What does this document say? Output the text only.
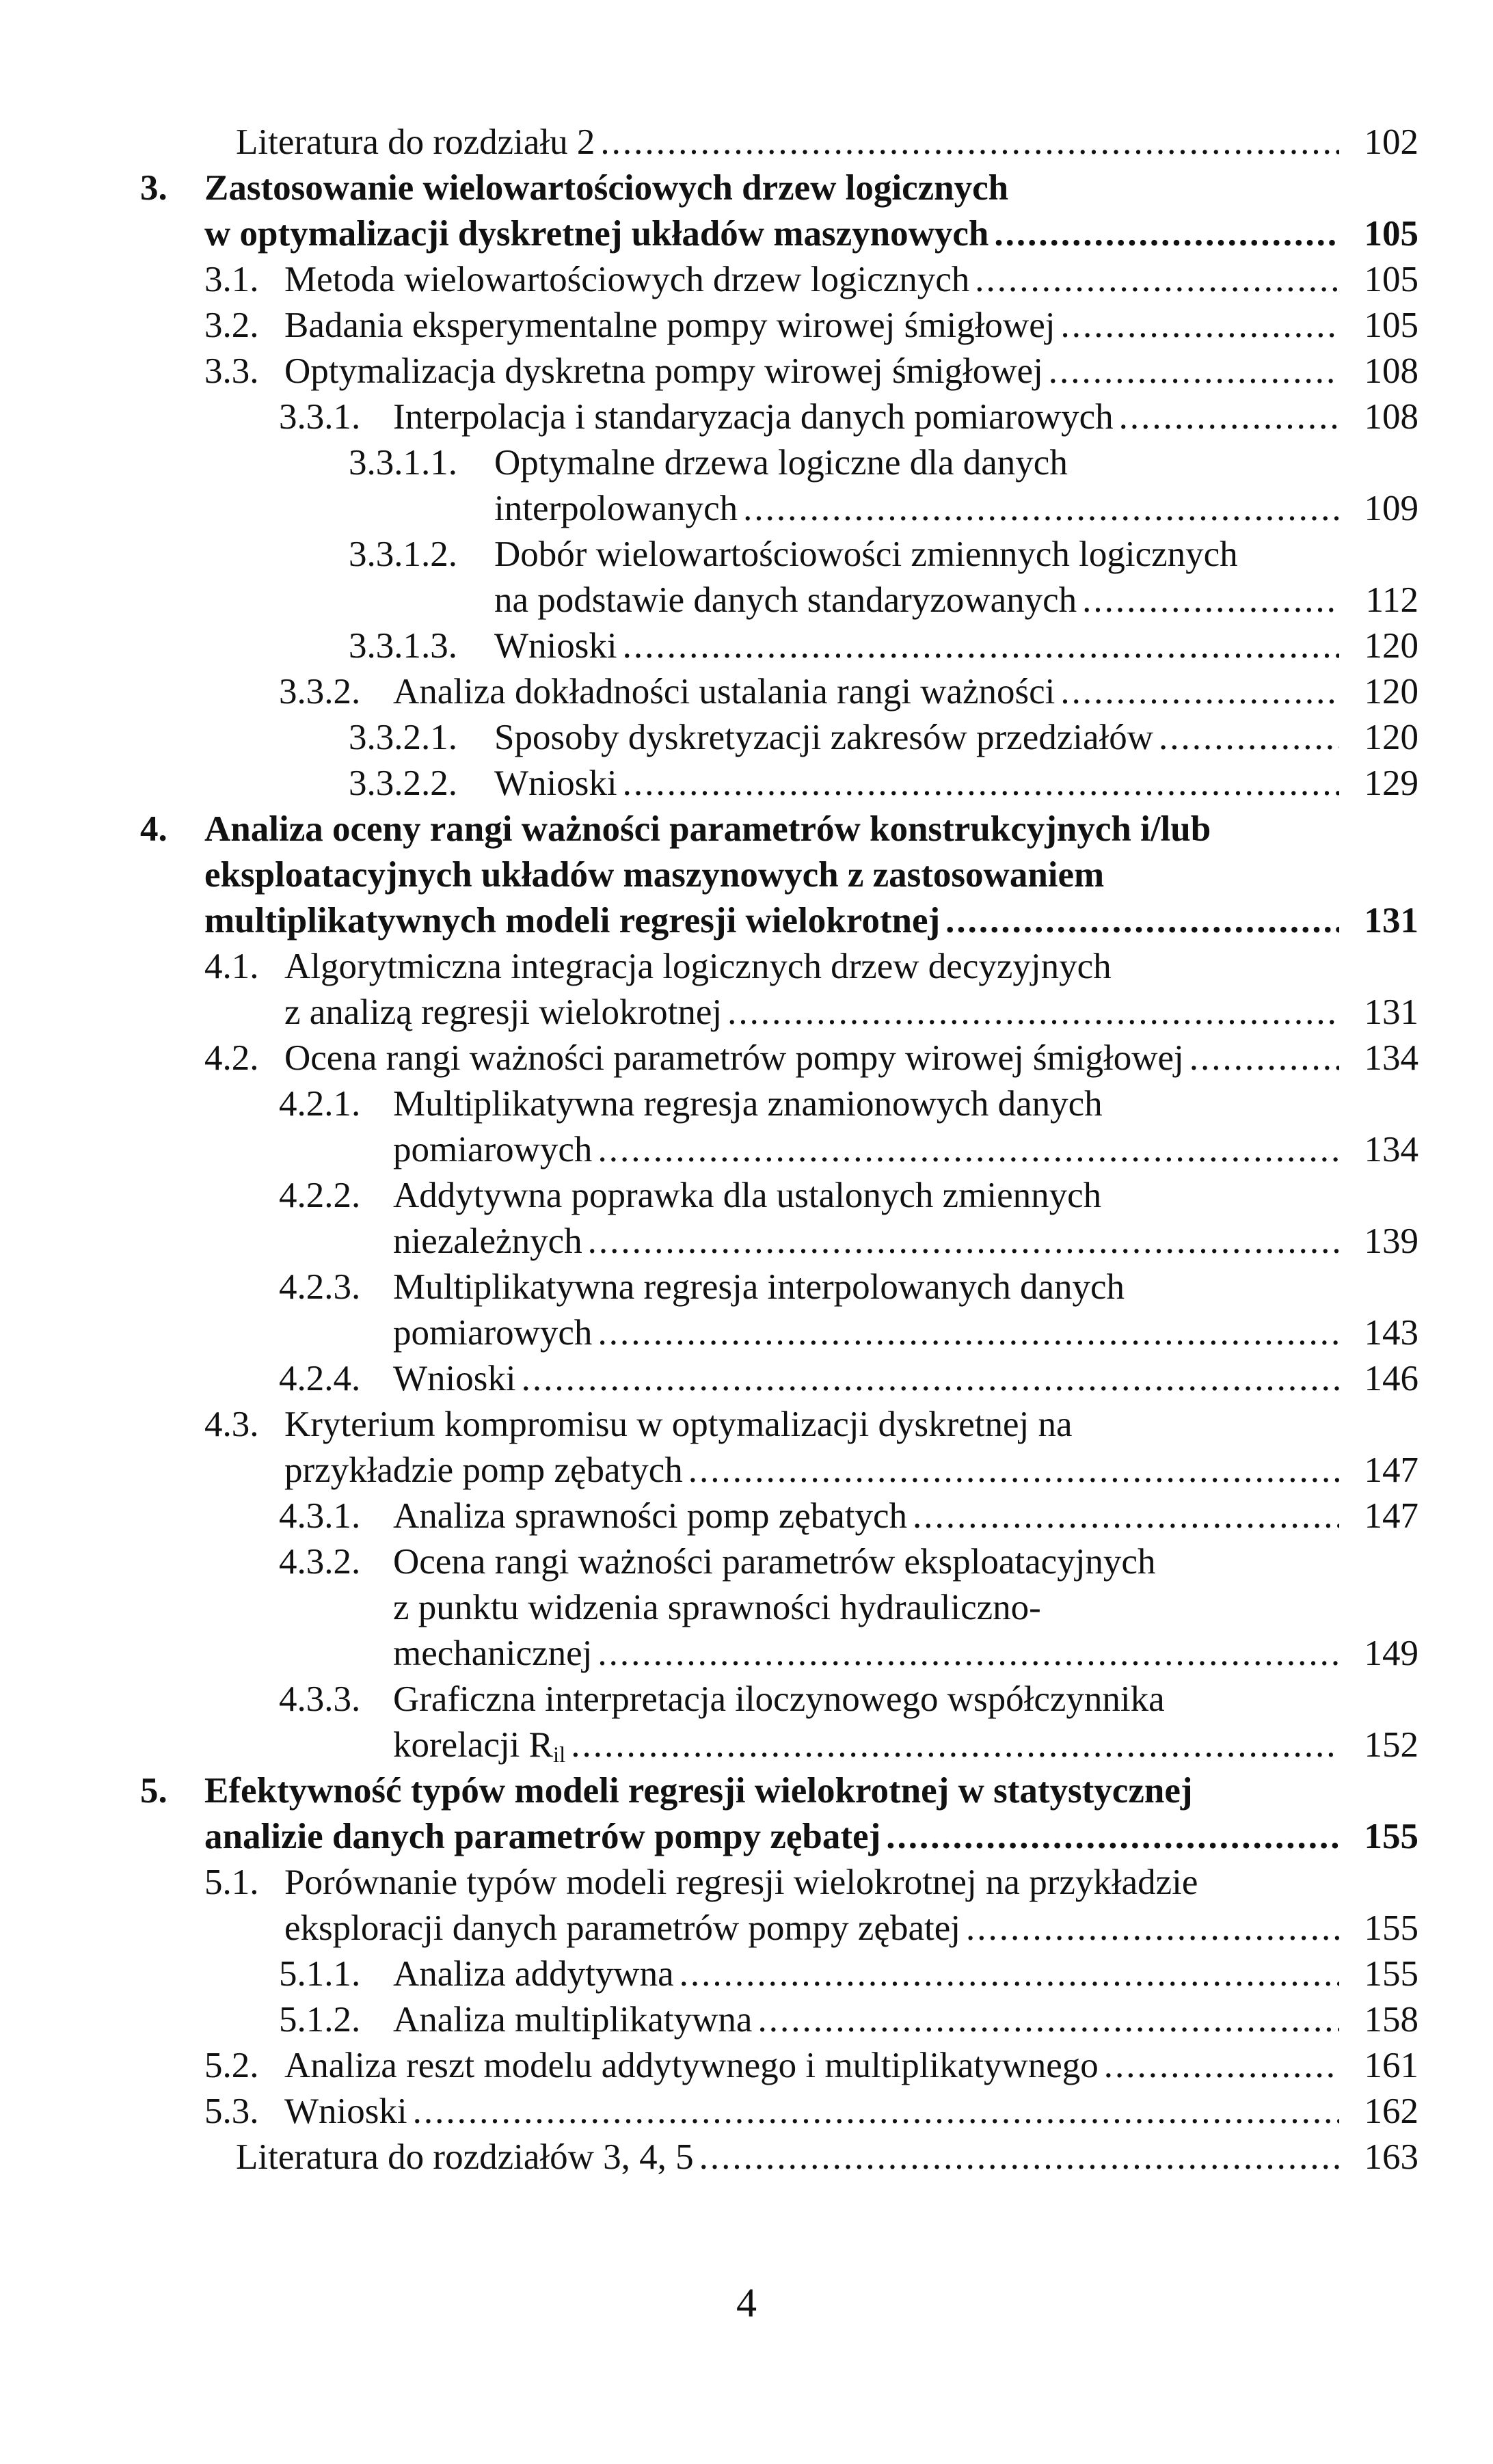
Literatura do rozdziału 2 .....	102
3.	Zastosowanie wielowartościowych drzew logicznych
w optymalizacji dyskretnej układów maszynowych .....	105
3.1. Metoda wielowartościowych drzew logicznych .....	105
3.2. Badania eksperymentalne pompy wirowej śmigłowej .....	105
3.3. Optymalizacja dyskretna pompy wirowej śmigłowej .....	108
3.3.1. Interpolacja i standaryzacja danych pomiarowych .....	108
3.3.1.1.	Optymalne drzewa logiczne dla danych
interpolowanych .....	109
3.3.1.2.	Dobór wielowartościowości zmiennych logicznych
na podstawie danych standaryzowanych .....	112
3.3.1.3.	Wnioski .....	120
3.3.2. Analiza dokładności ustalania rangi ważności .....	120
3.3.2.1.	Sposoby dyskretyzacji zakresów przedziałów .....	120
3.3.2.2.	Wnioski .....	129
4.	Analiza oceny rangi ważności parametrów konstrukcyjnych i/lub
eksploatacyjnych układów maszynowych z zastosowaniem
multiplikatywnych modeli regresji wielokrotnej .....	131
4.1. Algorytmiczna integracja logicznych drzew decyzyjnych
z analizą regresji wielokrotnej .....	131
4.2. Ocena rangi ważności parametrów pompy wirowej śmigłowej .....	134
4.2.1. Multiplikatywna regresja znamionowych danych
pomiarowych .....	134
4.2.2. Addytywna poprawka dla ustalonych zmiennych
niezależnych .....	139
4.2.3. Multiplikatywna regresja interpolowanych danych
pomiarowych .....	143
4.2.4. Wnioski .....	146
4.3. Kryterium kompromisu w optymalizacji dyskretnej na
przykładzie pomp zębatych .....	147
4.3.1. Analiza sprawności pomp zębatych .....	147
4.3.2. Ocena rangi ważności parametrów eksploatacyjnych
z punktu widzenia sprawności hydrauliczno-
mechanicznej .....	149
4.3.3. Graficzna interpretacja iloczynowego współczynnika
korelacji $R_{il}$ .....	152
5.	Efektywność typów modeli regresji wielokrotnej w statystycznej
analizie danych parametrów pompy zębatej .....	155
5.1. Porównanie typów modeli regresji wielokrotnej na przykładzie
eksploracji danych parametrów pompy zębatej .....	155
5.1.1. Analiza addytywna .....	155
5.1.2. Analiza multiplikatywna .....	158
5.2. Analiza reszt modelu addytywnego i multiplikatywnego .....	161
5.3. Wnioski .....	162
Literatura do rozdziałów 3, 4, 5 .....	163
4
